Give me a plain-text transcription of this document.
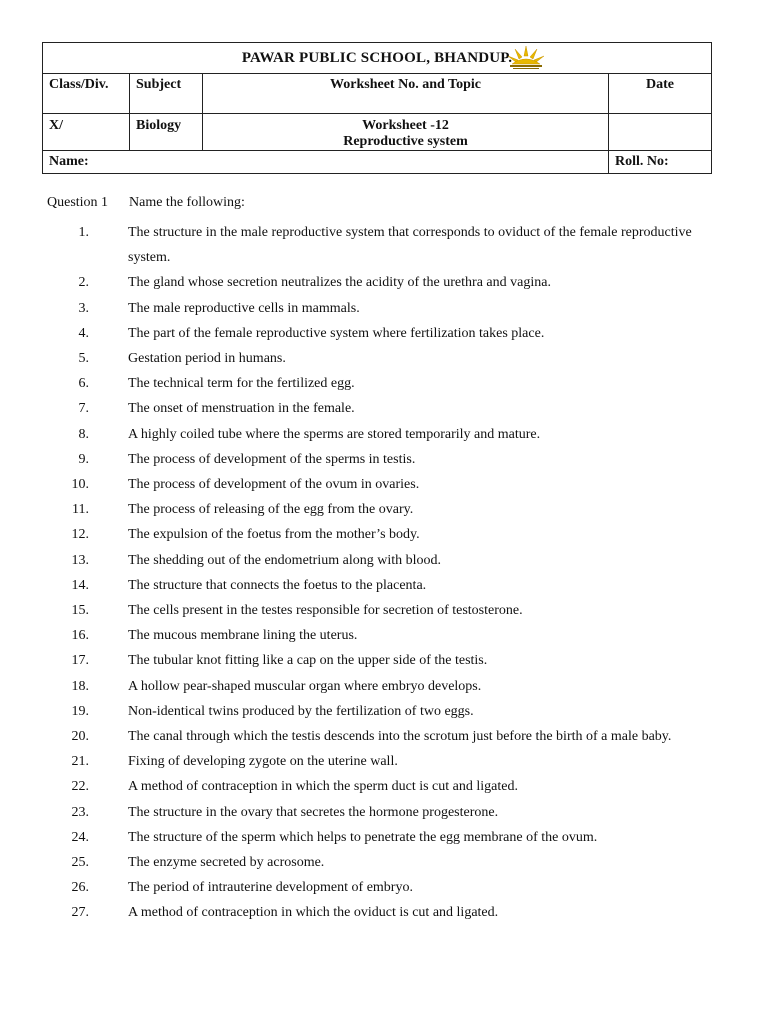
PAWAR PUBLIC SCHOOL, BHANDUP.			

Class/Div.	Subject	Worksheet No. and Topic	Date
X/	Biology	Worksheet -12
Reproductive system	

Name:			Roll. No:
Question 1 Name the following:
1.	The structure in the male reproductive system that corresponds to oviduct of the female reproductive system.
2.	The gland whose secretion neutralizes the acidity of the urethra and vagina.
3.	The male reproductive cells in mammals.
4.	The part of the female reproductive system where fertilization takes place.
5.	Gestation period in humans.
6.	The technical term for the fertilized egg.
7.	The onset of menstruation in the female.
8.	A highly coiled tube where the sperms are stored temporarily and mature.
9.	The process of development of the sperms in testis.
10.	The process of development of the ovum in ovaries.
11.	The process of releasing of the egg from the ovary.
12.	The expulsion of the foetus from the mother’s body.
13.	The shedding out of the endometrium along with blood.
14.	The structure that connects the foetus to the placenta.
15.	The cells present in the testes responsible for secretion of testosterone.
16.	The mucous membrane lining the uterus.
17.	The tubular knot fitting like a cap on the upper side of the testis.
18.	A hollow pear-shaped muscular organ where embryo develops.
19.	Non-identical twins produced by the fertilization of two eggs.
20.	The canal through which the testis descends into the scrotum just before the birth of a male baby.
21.	Fixing of developing zygote on the uterine wall.
22.	A method of contraception in which the sperm duct is cut and ligated.
23.	The structure in the ovary that secretes the hormone progesterone.
24.	The structure of the sperm which helps to penetrate the egg membrane of the ovum.
25.	The enzyme secreted by acrosome.
26.	The period of intrauterine development of embryo.
27.	A method of contraception in which the oviduct is cut and ligated.
